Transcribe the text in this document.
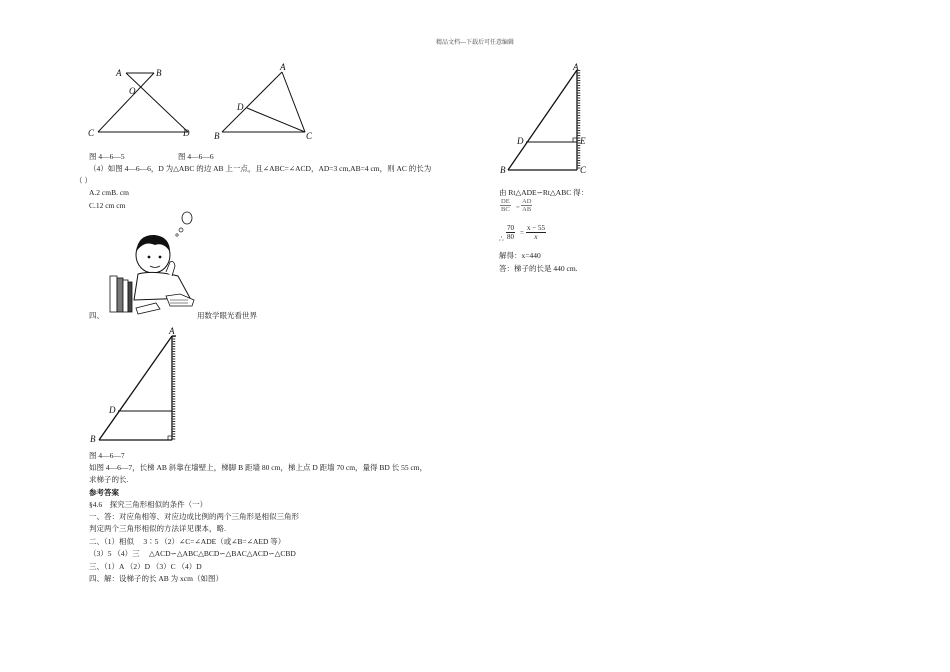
精品文档---下载后可任意编辑
A	B
O
C	D
A
D
B	C
图 4—6—5	图 4—6—6
（4）如图 4—6—6，D 为△ABC 的边 AB 上一点，且∠ABC=∠ACD，AD=3 cm,AB=4 cm，则 AC 的长为
（ ）
A.2 cmB. cm
C.12 cm cm
四、	用数学眼光看世界
A
D
B
图 4—6—7
如图 4—6—7，长梯 AB 斜靠在墙壁上，梯脚 B 距墙 80 cm，梯上点 D 距墙 70 cm，量得 BD 长 55 cm，
求梯子的长.
参考答案
§4.6　探究三角形相似的条件（一）
一、答：对应角相等、对应边成比例的两个三角形是相似三角形
判定两个三角形相似的方法详见课本，略.
二、（1）相似　 3∶5 （2）∠C=∠ADE（或∠B=∠AED 等）
（3）5 （4）三　 △ACD∽△ABC△BCD∽△BAC△ACD∽△CBD
三、（1）A （2）D （3）C （4）D
四、解：设梯子的长 AB 为 xcm（如图）
A
D	E
B	C
由 Rt△ADE∽Rt△ABC 得：
$\frac{DE}{BC} = \frac{AD}{AB}$
∴ $\frac{70}{80} = \frac{x - 55}{x}$
解得：x=440
答：梯子的长是 440 cm.
